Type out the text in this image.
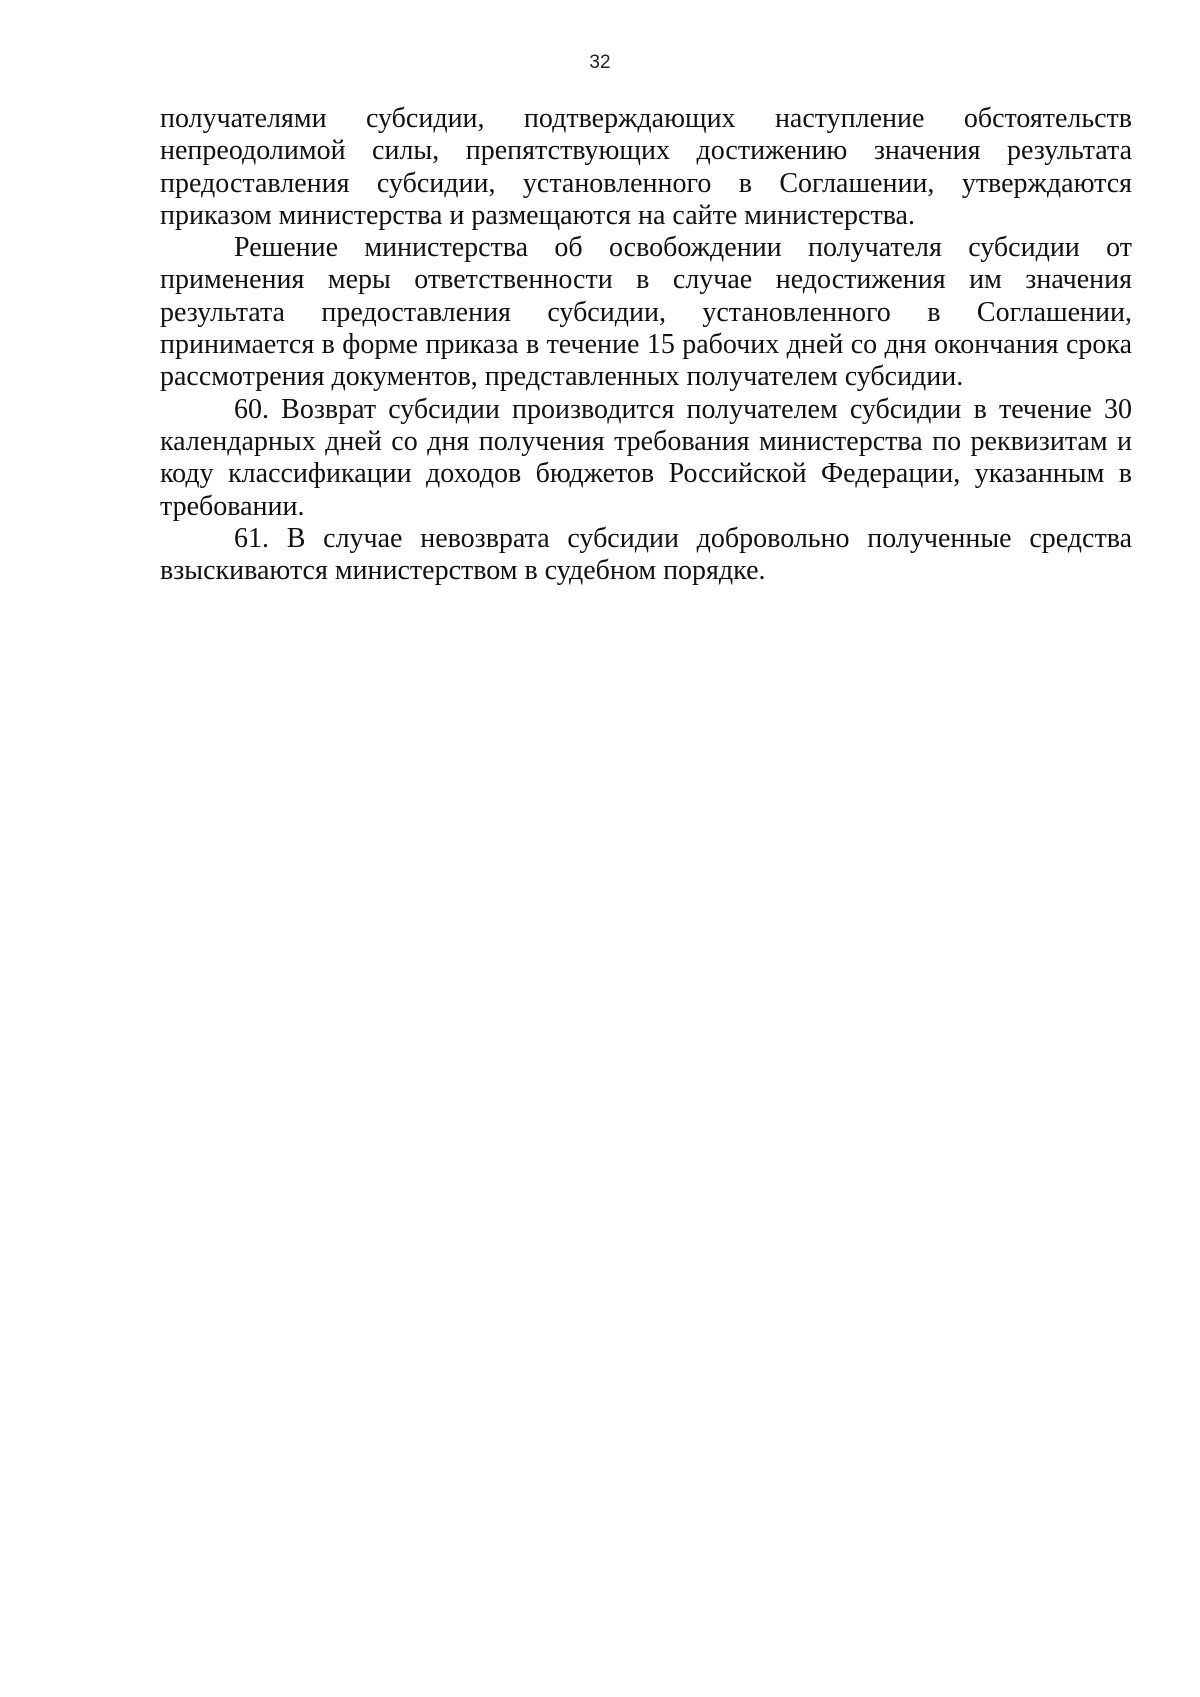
32

получателями субсидии, подтверждающих наступление обстоятельств непреодолимой силы, препятствующих достижению значения результата предоставления субсидии, установленного в Соглашении, утверждаются приказом министерства и размещаются на сайте министерства.

Решение министерства об освобождении получателя субсидии от применения меры ответственности в случае недостижения им значения результата предоставления субсидии, установленного в Соглашении, принимается в форме приказа в течение 15 рабочих дней со дня окончания срока рассмотрения документов, представленных получателем субсидии.

60. Возврат субсидии производится получателем субсидии в течение 30 календарных дней со дня получения требования министерства по реквизитам и коду классификации доходов бюджетов Российской Федерации, указанным в требовании.

61. В случае невозврата субсидии добровольно полученные средства взыскиваются министерством в судебном порядке.
